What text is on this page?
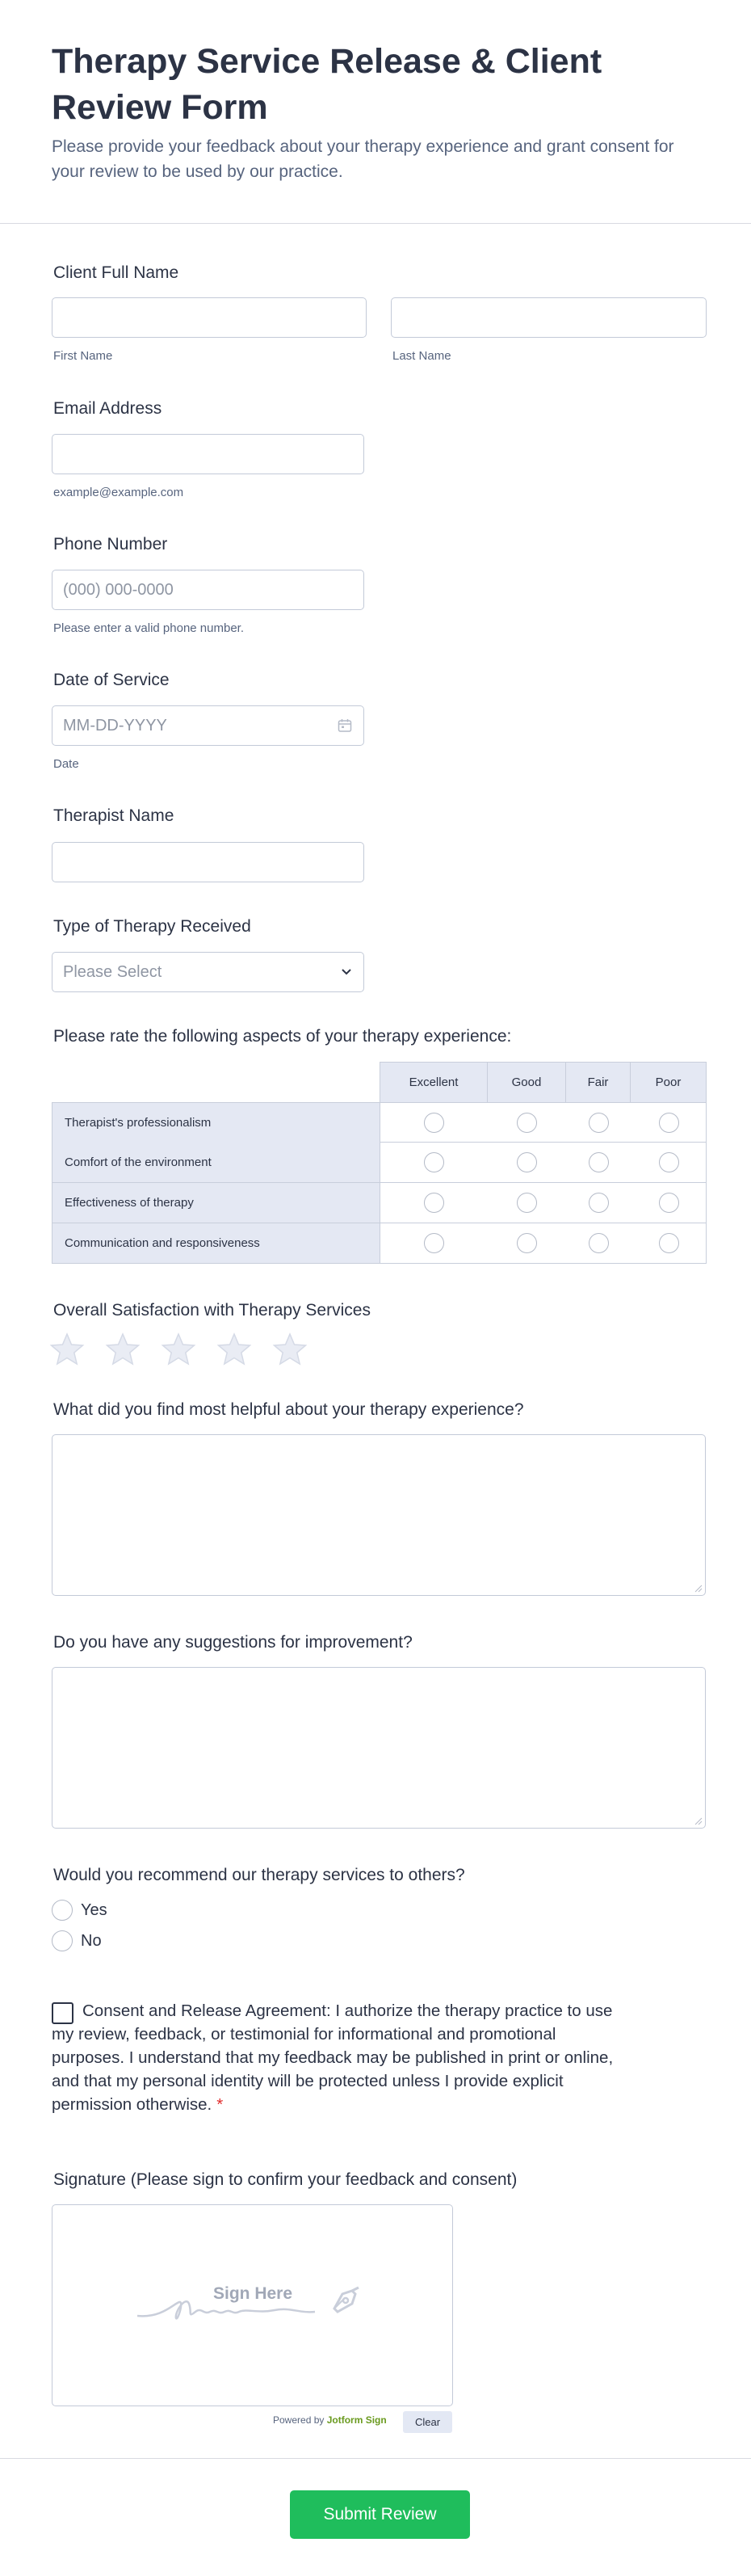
Therapy Service Release & Client Review Form
Please provide your feedback about your therapy experience and grant consent for your review to be used by our practice.
Client Full Name
First Name	Last Name
Email Address
example@example.com
Phone Number
(000) 000-0000
Please enter a valid phone number.
Date of Service
MM-DD-YYYY
Date
Therapist Name
Type of Therapy Received
Please Select
Please rate the following aspects of your therapy experience:
Excellent	Good	Fair	Poor
Therapist's professionalism
Comfort of the environment
Effectiveness of therapy
Communication and responsiveness
Overall Satisfaction with Therapy Services
What did you find most helpful about your therapy experience?
Do you have any suggestions for improvement?
Would you recommend our therapy services to others?
Yes
No
Consent and Release Agreement: I authorize the therapy practice to use my review, feedback, or testimonial for informational and promotional purposes. I understand that my feedback may be published in print or online, and that my personal identity will be protected unless I provide explicit permission otherwise. *
Signature (Please sign to confirm your feedback and consent)
Sign Here
Powered by Jotform Sign	Clear
Submit Review
